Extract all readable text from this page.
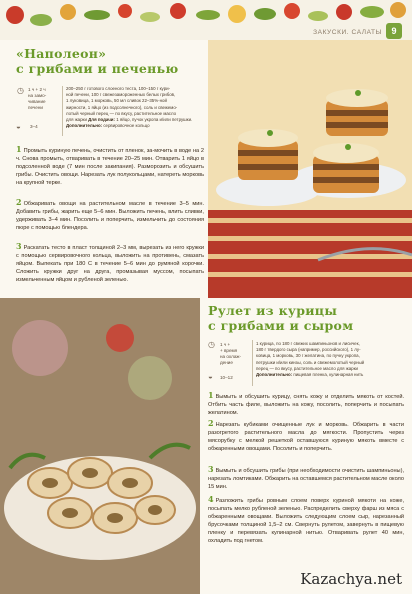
ЗАКУСКИ. САЛАТЫ	9
«Наполеон»
с грибами и печенью
◷ 1 ч + 2 ч
на замо-
чивание
печени
◒ 3–4
200–250 г готового слоеного теста, 100–150 г кури-
ной печени, 100 г свежезамороженных белых грибов,
1 луковица, 1 морковь, 50 мл сливок 22–35%-ной
жирности, 1 яйцо (из подсолнечного), соль и свежемо-
лотый черный перец — по вкусу, растительное масло
для жарки Для подачи: 1 яйцо, пучок укропа и/или петрушки.
Дополнительно: сервировочное кольцо
1 Промыть куриную печень, очистить от пленок, за-мочить в воде на 2 ч. Снова промыть, отваривать в течение 20–25 мин. Отварить 1 яйцо в подсоленной воде (7 мин после закипания). Разморозить и обсушить грибы. Очистить овощи. Нарезать лук полукольцами, натереть морковь на крупной терке.
2 Обжаривать овощи на растительном масле в течение 3–5 мин. Добавить грибы, жарить еще 5–6 мин. Выложить печень, влить сливки, удерживать 3–4 мин. Посолить и поперчить, измельчить до состояния пюре с помощью блендера.
3 Раскатать тесто в пласт толщиной 2–3 мм, вырезать из него кружки с помощью сервировочного кольца, выложить на противень, смазать яйцом. Выпекать при 180 С в течение 5–6 мин до румяной корочки. Сложить кружки друг на друга, промазывая муссом, посыпать измельченным яйцом и рубленой зеленью.
Рулет из курицы
с грибами и сыром
◷ 1 ч +
+ время
на охлаж-
дение
◒ 10–12
1 курица, по 180 г свежих шампиньонов и лисичек,
180 г твердого сыра (например, российского), 1 лу-
ковица, 1 морковь, 30 г желатина, по пучку укропа,
петрушки и/или кинзы, соль и свежемолотый черный
перец — по вкусу, растительное масло для жарки
Дополнительно: пищевая пленка, кулинарная нить
1 Вымыть и обсушить курицу, снять кожу и отделить мякоть от костей. Отбить часть филе, выложить на кожу, посолить, поперчить и посыпать желатином.
2 Нарезать кубиками очищенные лук и морковь. Обжарить в части разогретого растительного масла до мягкости. Пропустить через мясорубку с мелкой решеткой оставшуюся куриную мякоть вместе с обжаренными овощами. Посолить и поперчить.
3 Вымыть и обсушить грибы (при необходимости очистить шампиньоны), нарезать ломтиками. Обжарить на оставшемся растительном масле около 15 мин.
4 Разложить грибы ровным слоем поверх куриной мякоти на коже, посыпать мелко рубленой зеленью. Распределить сверху фарш из мяса с обжаренными овощами. Выложить следующим слоем сыр, нарезанный брусочками толщиной 1,5–2 см. Свернуть рулетом, завернуть в пищевую пленку и перевязать кулинарной нитью. Отваривать рулет 40 мин, охладить под гнетом.
Kazachya.net
